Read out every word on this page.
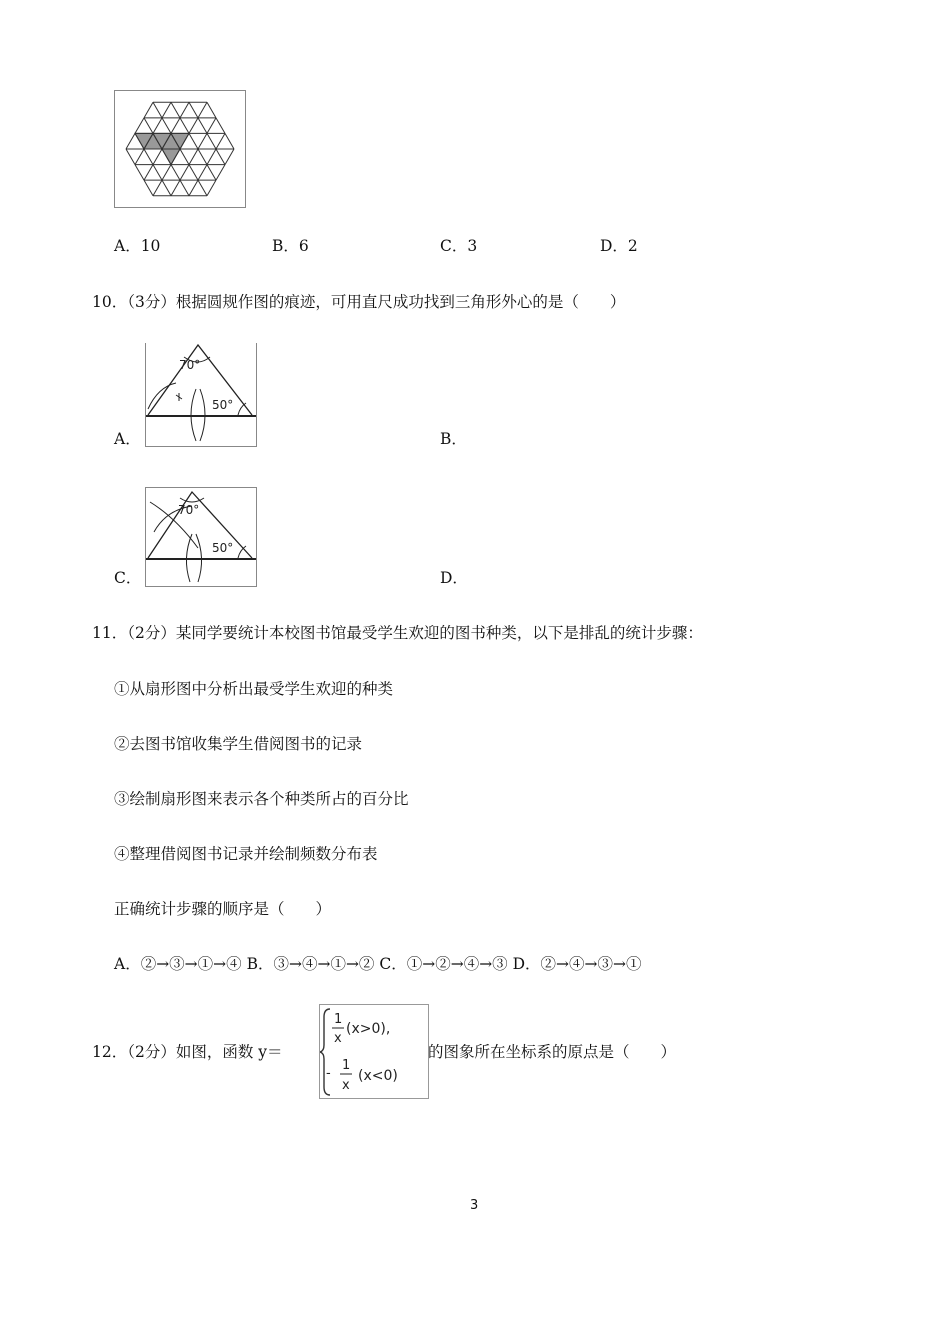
A．10	B．6	C．3	D．2
10．（3分）根据圆规作图的痕迹，可用直尺成功找到三角形外心的是（　　）
A．
70°
50°
B．
C．
70°
50°
D．
11．（2分）某同学要统计本校图书馆最受学生欢迎的图书种类，以下是排乱的统计步骤：
①从扇形图中分析出最受学生欢迎的种类
②去图书馆收集学生借阅图书的记录
③绘制扇形图来表示各个种类所占的百分比
④整理借阅图书记录并绘制频数分布表
正确统计步骤的顺序是（　　）
A．②→③→①→④ B．③→④→①→② C．①→②→④→③ D．②→④→③→①
12．（2分）如图，函数 y＝
1
x
(x>0),
-
1
x
(x<0)
的图象所在坐标系的原点是（　　）
3
